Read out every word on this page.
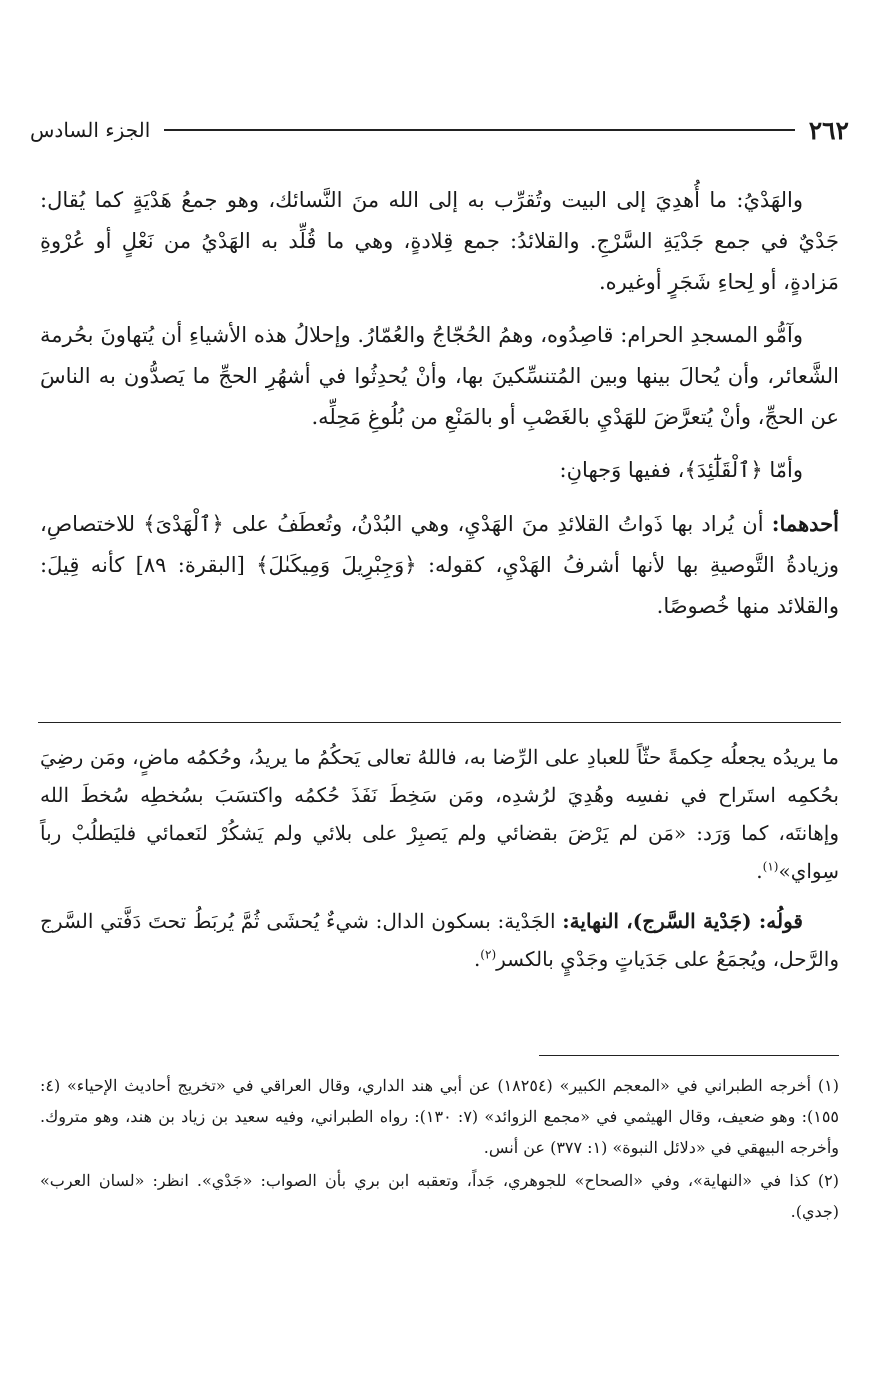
٢٦٢
الجزء السادس

والهَدْيُ: ما أُهدِيَ إلى البيت وتُقرِّب به إلى الله منَ النَّسائك، وهو جمعُ هَدْيَةٍ كما يُقال: جَدْيٌ في جمع جَدْيَةِ السَّرْجِ. والقلائدُ: جمع قِلادةٍ، وهي ما قُلِّد به الهَدْيُ من نَعْلٍ أو عُرْوةِ مَزادةٍ، أو لِحاءِ شَجَرٍ أوغيره.

وآمُّو المسجدِ الحرام: قاصِدُوه، وهمُ الحُجّاجُ والعُمّارُ. وإحلالُ هذه الأشياءِ أن يُتهاونَ بحُرمة الشَّعائر، وأن يُحالَ بينها وبين المُتنسِّكينَ بها، وأنْ يُحدِثُوا في أشهُرِ الحجِّ ما يَصدُّون به الناسَ عن الحجِّ، وأنْ يُتعرَّضَ للهَدْيِ بالغَصْبِ أو بالمَنْعِ من بُلُوغِ مَحِلِّه.

وأمّا ﴿ٱلْقَلَٰٓئِدَ﴾، ففيها وَجهانِ:

أحدهما: أن يُراد بها ذَواتُ القلائدِ منَ الهَدْيِ، وهي البُدْنُ، وتُعطَفُ على ﴿ٱلْهَدْىَ﴾ للاختصاصِ، وزيادةُ التَّوصيةِ بها لأنها أشرفُ الهَدْيِ، كقوله: ﴿وَجِبْرِيلَ وَمِيكَىٰلَ﴾ [البقرة: ٨٩] كأنه قِيلَ: والقلائد منها خُصوصًا.

ما يريدُه يجعلُه حِكمةً حثّاً للعبادِ على الرِّضا به، فاللهُ تعالى يَحكُمُ ما يريدُ، وحُكمُه ماضٍ، ومَن رضِيَ بحُكمِه استَراح في نفسِه وهُدِيَ لرُشدِه، ومَن سَخِطَ نَفَذَ حُكمُه واكتسَبَ بسُخطِه سُخطَ الله وإهانتَه، كما وَرَد: «مَن لم يَرْضَ بقضائي ولم يَصبِرْ على بلائي ولم يَشكُرْ لنَعمائي فليَطلُبْ رباً سِواي»$^{(١)}$.

قولُه: (جَدْية السَّرج)، النهاية: الجَدْية: بسكون الدال: شيءٌ يُحشَى ثُمَّ يُربَطُ تحتَ دَفَّتي السَّرج والرَّحل، ويُجمَعُ على جَدَياتٍ وجَدْيٍ بالكسر$^{(٢)}$.

(١) أخرجه الطبراني في «المعجم الكبير» (١٨٢٥٤) عن أبي هند الداري، وقال العراقي في «تخريج أحاديث الإحياء» (٤: ١٥٥): وهو ضعيف، وقال الهيثمي في «مجمع الزوائد» (٧: ١٣٠): رواه الطبراني، وفيه سعيد بن زياد بن هند، وهو متروك. وأخرجه البيهقي في «دلائل النبوة» (١: ٣٧٧) عن أنس.

(٢) كذا في «النهاية»، وفي «الصحاح» للجوهري، جَداً، وتعقبه ابن بري بأن الصواب: «جَدْي». انظر: «لسان العرب» (جدي).
